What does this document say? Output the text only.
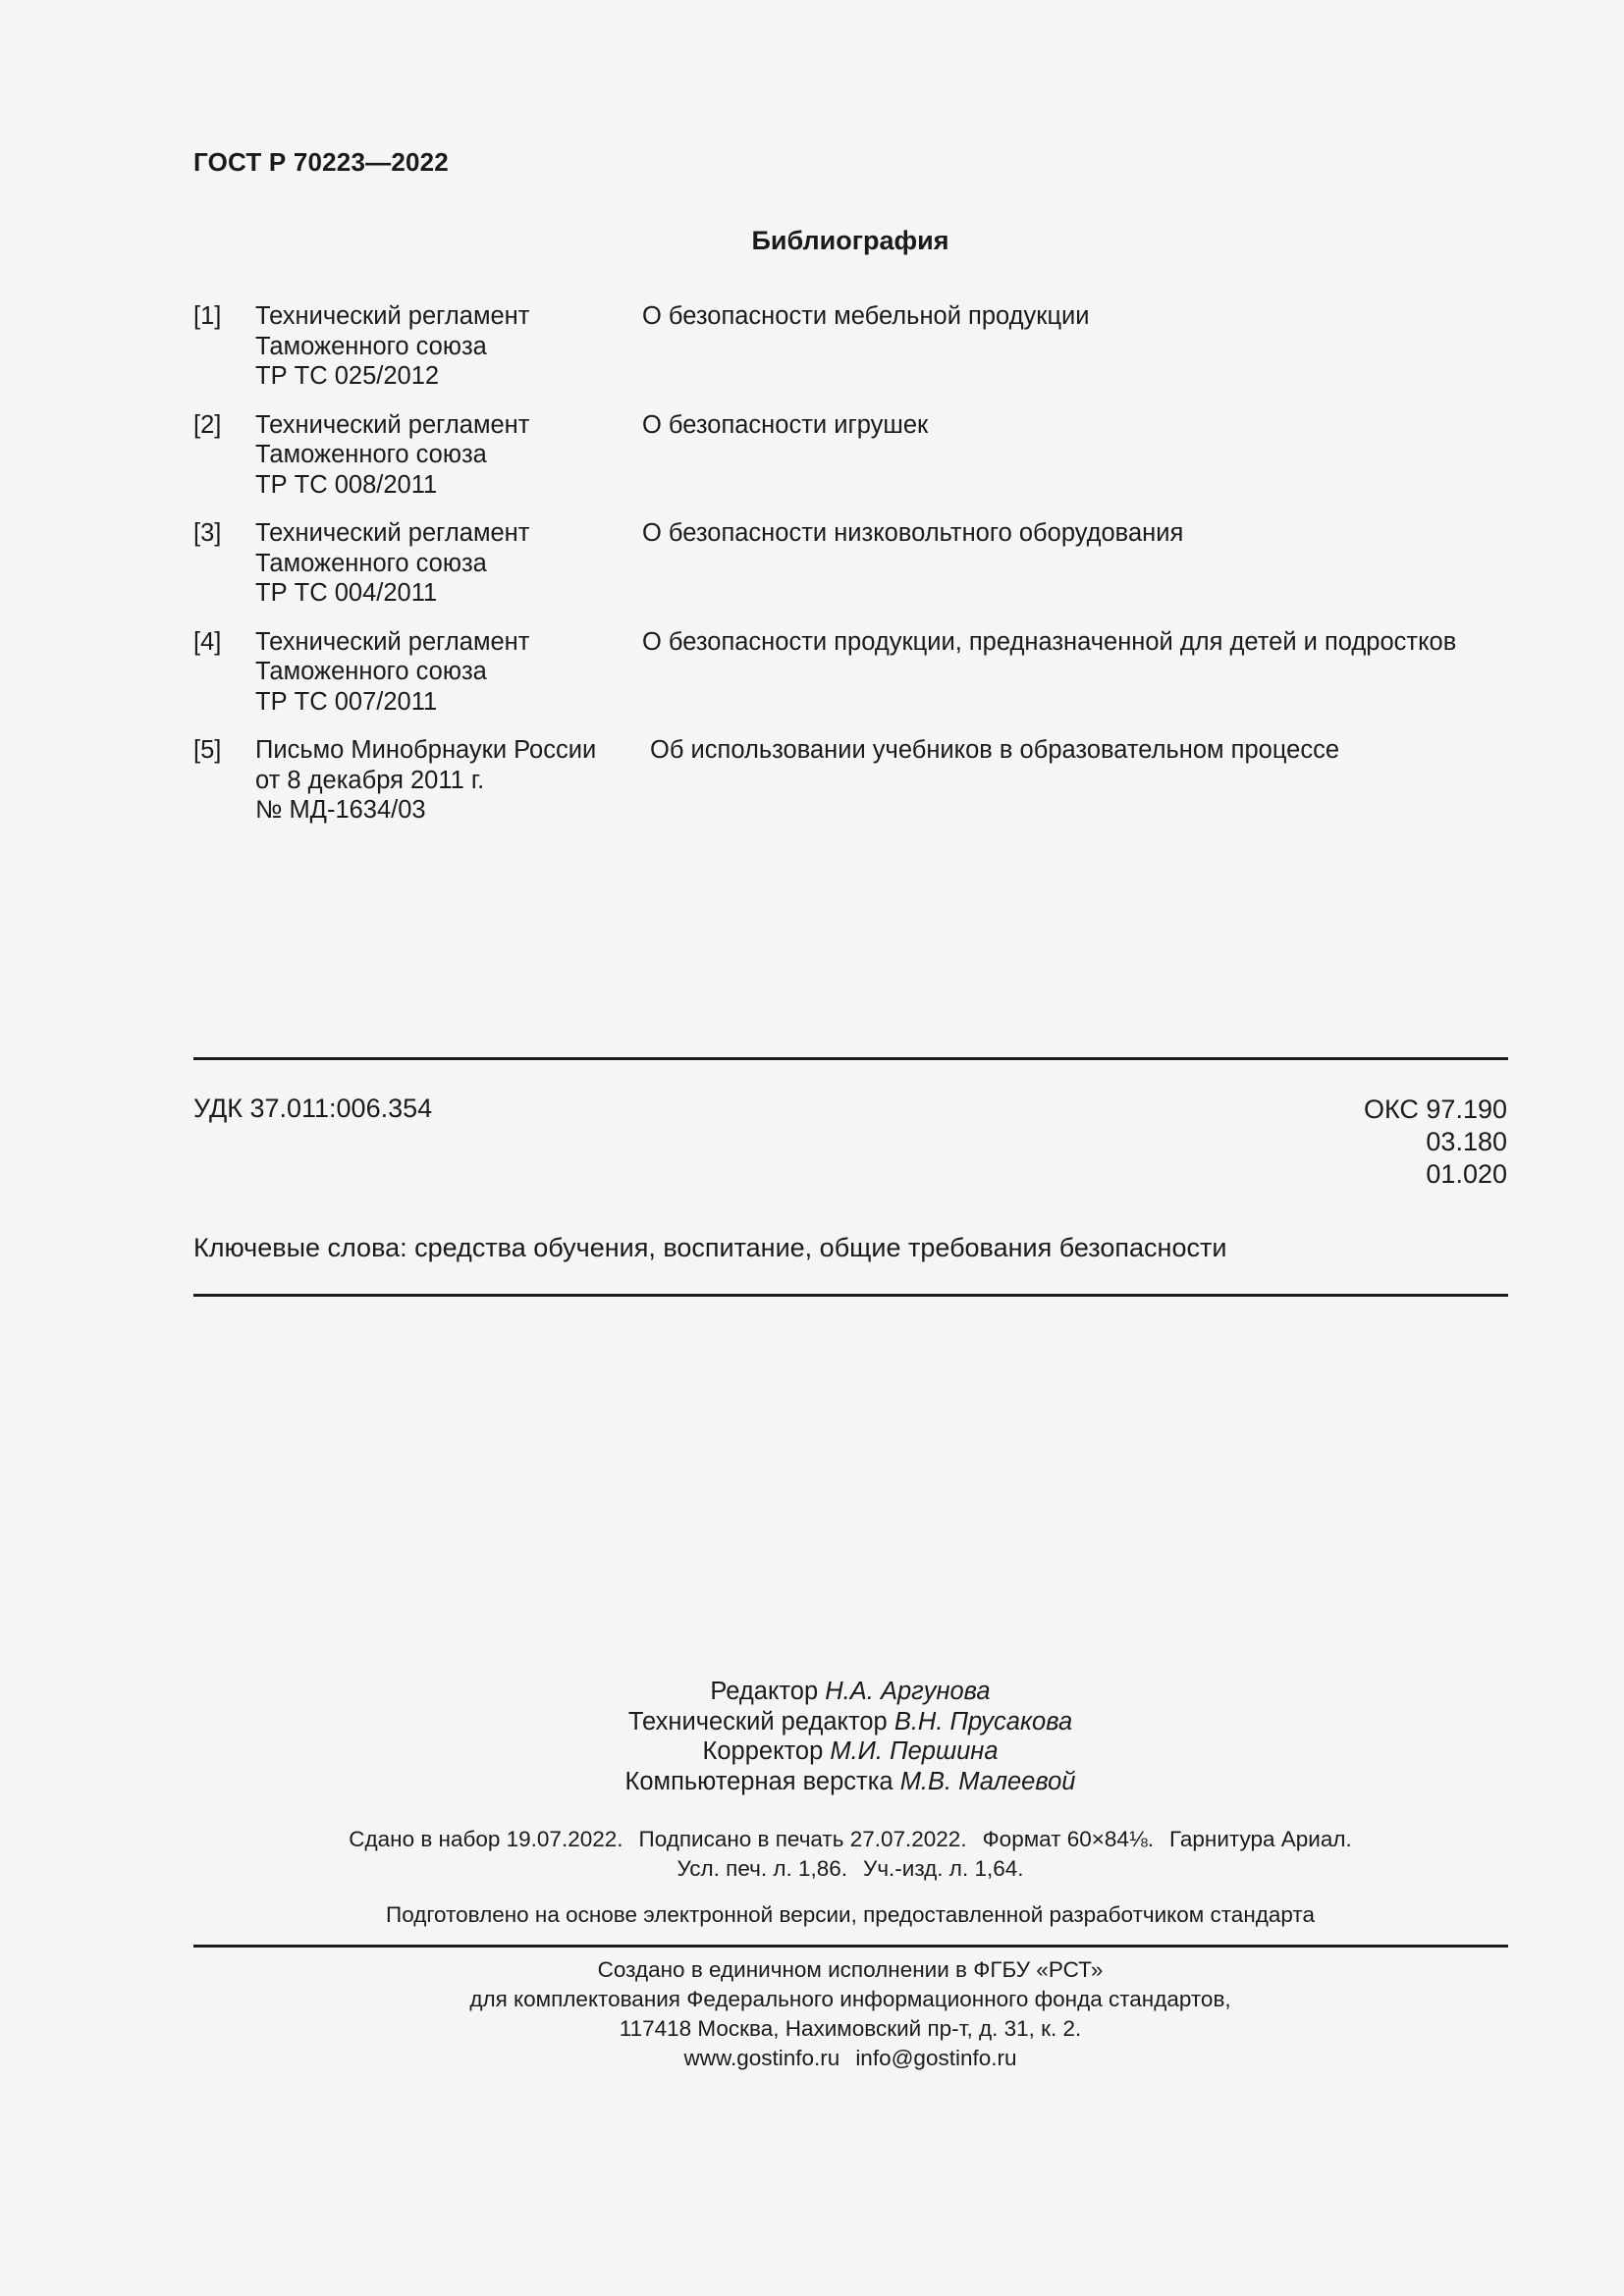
ГОСТ Р 70223—2022
Библиография
[1]	Технический регламент
Таможенного союза
ТР ТС 025/2012
О безопасности мебельной продукции
[2]	Технический регламент
Таможенного союза
ТР ТС 008/2011
О безопасности игрушек
[3]	Технический регламент
Таможенного союза
ТР ТС 004/2011
О безопасности низковольтного оборудования
[4]	Технический регламент
Таможенного союза
ТР ТС 007/2011
О безопасности продукции, предназначенной для детей и подростков
[5]	Письмо Минобрнауки России
от 8 декабря 2011 г.
№ МД-1634/03
Об использовании учебников в образовательном процессе
УДК 37.011:006.354	ОКС 97.190
03.180
01.020
Ключевые слова: средства обучения, воспитание, общие требования безопасности
Редактор Н.А. Аргунова
Технический редактор В.Н. Прусакова
Корректор М.И. Першина
Компьютерная верстка М.В. Малеевой
Сдано в набор 19.07.2022. Подписано в печать 27.07.2022. Формат 60×84⅛. Гарнитура Ариал.
Усл. печ. л. 1,86. Уч.-изд. л. 1,64.
Подготовлено на основе электронной версии, предоставленной разработчиком стандарта
Создано в единичном исполнении в ФГБУ «РСТ»
для комплектования Федерального информационного фонда стандартов,
117418 Москва, Нахимовский пр-т, д. 31, к. 2.
www.gostinfo.ru info@gostinfo.ru
